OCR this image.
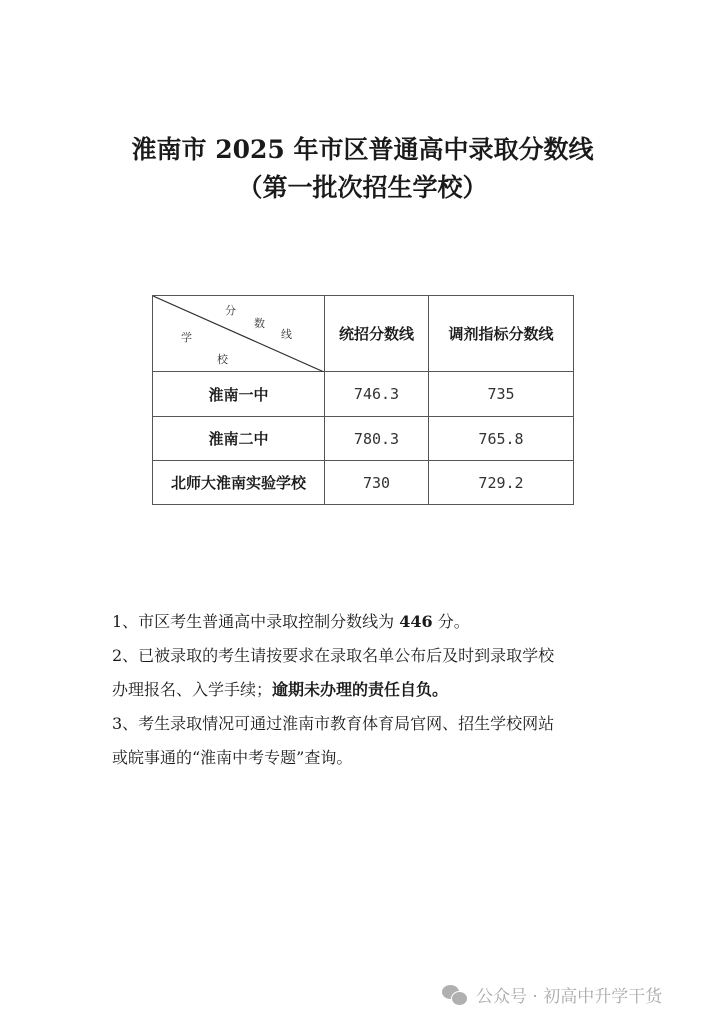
淮南市 2025 年市区普通高中录取分数线
（第一批次招生学校）
分
数
线
学
校	统招分数线	调剂指标分数线
淮南一中	746.3	735
淮南二中	780.3	765.8
北师大淮南实验学校	730	729.2

1、市区考生普通高中录取控制分数线为 446 分。

2、已被录取的考生请按要求在录取名单公布后及时到录取学校

办理报名、入学手续；逾期未办理的责任自负。

3、考生录取情况可通过淮南市教育体育局官网、招生学校网站

或皖事通的“淮南中考专题”查询。

公众号 · 初高中升学干货
